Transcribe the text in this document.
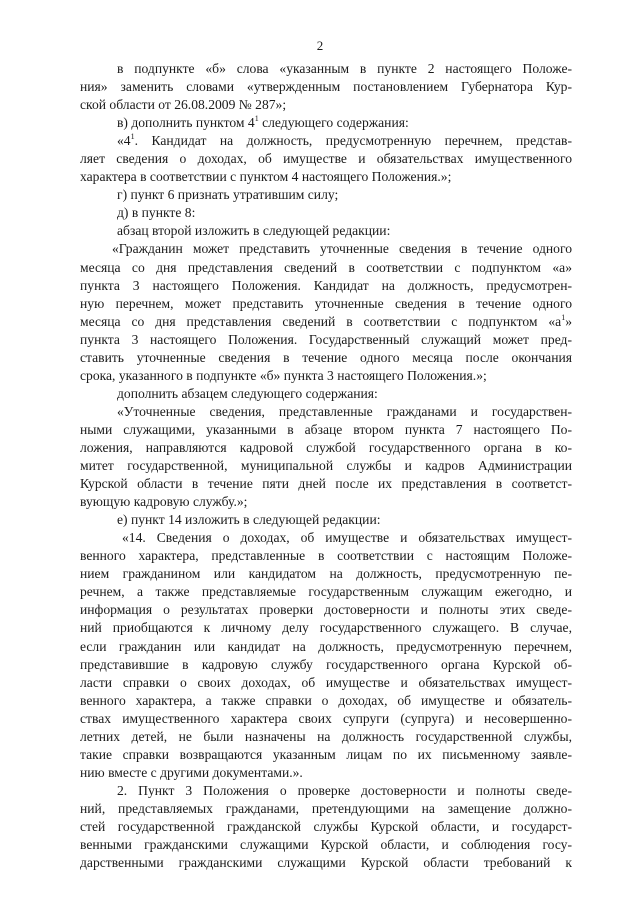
2
в подпункте «б» слова «указанным в пункте 2 настоящего Положе-
ния» заменить словами «утвержденным постановлением Губернатора Кур-
ской области от 26.08.2009 № 287»;
в) дополнить пунктом $4^1$ следующего содержания:
«$4^1$. Кандидат на должность, предусмотренную перечнем, представ-
ляет сведения о доходах, об имуществе и обязательствах имущественного
характера в соответствии с пунктом 4 настоящего Положения.»;
г) пункт 6 признать утратившим силу;
д) в пункте 8:
абзац второй изложить в следующей редакции:
«Гражданин может представить уточненные сведения в течение одного
месяца со дня представления сведений в соответствии с подпунктом «а»
пункта 3 настоящего Положения. Кандидат на должность, предусмотрен-
ную перечнем, может представить уточненные сведения в течение одного
месяца со дня представления сведений в соответствии с подпунктом «$а^1$»
пункта 3 настоящего Положения. Государственный служащий может пред-
ставить уточненные сведения в течение одного месяца после окончания
срока, указанного в подпункте «б» пункта 3 настоящего Положения.»;
дополнить абзацем следующего содержания:
«Уточненные сведения, представленные гражданами и государствен-
ными служащими, указанными в абзаце втором пункта 7 настоящего По-
ложения, направляются кадровой службой государственного органа в ко-
митет государственной, муниципальной службы и кадров Администрации
Курской области в течение пяти дней после их представления в соответст-
вующую кадровую службу.»;
е) пункт 14 изложить в следующей редакции:
«14. Сведения о доходах, об имуществе и обязательствах имущест-
венного характера, представленные в соответствии с настоящим Положе-
нием гражданином или кандидатом на должность, предусмотренную пе-
речнем, а также представляемые государственным служащим ежегодно, и
информация о результатах проверки достоверности и полноты этих сведе-
ний приобщаются к личному делу государственного служащего. В случае,
если гражданин или кандидат на должность, предусмотренную перечнем,
представившие в кадровую службу государственного органа Курской об-
ласти справки о своих доходах, об имуществе и обязательствах имущест-
венного характера, а также справки о доходах, об имуществе и обязатель-
ствах имущественного характера своих супруги (супруга) и несовершенно-
летних детей, не были назначены на должность государственной службы,
такие справки возвращаются указанным лицам по их письменному заявле-
нию вместе с другими документами.».
2. Пункт 3 Положения о проверке достоверности и полноты сведе-
ний, представляемых гражданами, претендующими на замещение должно-
стей государственной гражданской службы Курской области, и государст-
венными гражданскими служащими Курской области, и соблюдения госу-
дарственными гражданскими служащими Курской области требований к
